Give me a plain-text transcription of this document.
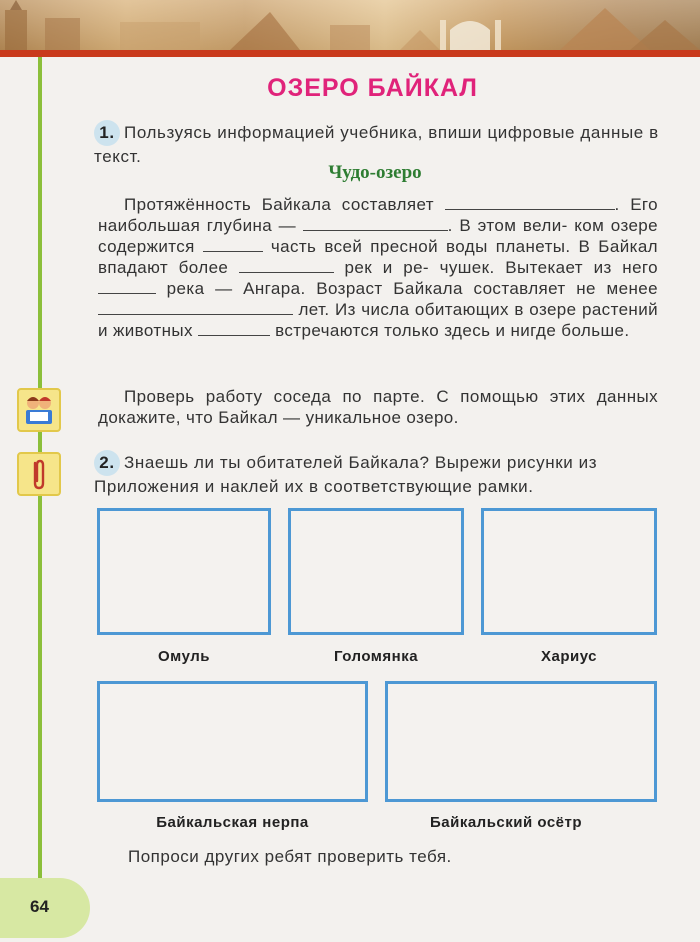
ОЗЕРО БАЙКАЛ
1. Пользуясь информацией учебника, впиши цифровые данные в текст.
Чудо-озеро

Протяжённость Байкала составляет	. Его наибольшая глубина —	. В этом вели- ком озере содержится	часть всей пресной воды планеты. В Байкал впадают более	рек и ре- чушек. Вытекает из него  река — Ангара. Возраст Байкала составляет не менее  лет. Из числа обитающих в озере растений и животных	встречаются только здесь и нигде больше.

Проверь работу соседа по парте. С помощью этих данных докажите, что Байкал — уникальное озеро.

2. Знаешь ли ты обитателей Байкала? Вырежи рисунки из Приложения и наклей их в соответствующие рамки.
Омуль	Голомянка	Хариус
Байкальская нерпа	Байкальский осётр
Попроси других ребят проверить тебя.
64
